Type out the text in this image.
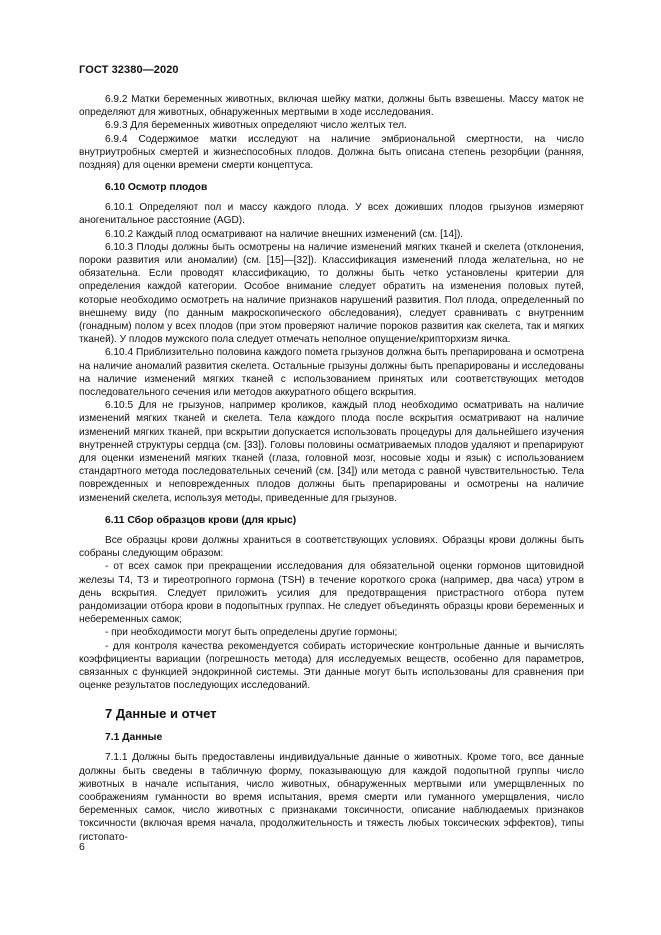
ГОСТ 32380—2020

6.9.2 Матки беременных животных, включая шейку матки, должны быть взвешены. Массу маток не определяют для животных, обнаруженных мертвыми в ходе исследования.

6.9.3 Для беременных животных определяют число желтых тел.

6.9.4 Содержимое матки исследуют на наличие эмбриональной смертности, на число внутриутробных смертей и жизнеспособных плодов. Должна быть описана степень резорбции (ранняя, поздняя) для оценки времени смерти концептуса.

6.10 Осмотр плодов

6.10.1 Определяют пол и массу каждого плода. У всех доживших плодов грызунов измеряют аногенитальное расстояние (AGD).

6.10.2 Каждый плод осматривают на наличие внешних изменений (см. [14]).

6.10.3 Плоды должны быть осмотрены на наличие изменений мягких тканей и скелета (отклонения, пороки развития или аномалии) (см. [15]—[32]). Классификация изменений плода желательна, но не обязательна. Если проводят классификацию, то должны быть четко установлены критерии для определения каждой категории. Особое внимание следует обратить на изменения половых путей, которые необходимо осмотреть на наличие признаков нарушений развития. Пол плода, определенный по внешнему виду (по данным макроскопического обследования), следует сравнивать с внутренним (гонадным) полом у всех плодов (при этом проверяют наличие пороков развития как скелета, так и мягких тканей). У плодов мужского пола следует отмечать неполное опущение/крипторхизм яичка.

6.10.4 Приблизительно половина каждого помета грызунов должна быть препарирована и осмотрена на наличие аномалий развития скелета. Остальные грызуны должны быть препарированы и исследованы на наличие изменений мягких тканей с использованием принятых или соответствующих методов последовательного сечения или методов аккуратного общего вскрытия.

6.10.5 Для не грызунов, например кроликов, каждый плод необходимо осматривать на наличие изменений мягких тканей и скелета. Тела каждого плода после вскрытия осматривают на наличие изменений мягких тканей, при вскрытии допускается использовать процедуры для дальнейшего изучения внутренней структуры сердца (см. [33]). Головы половины осматриваемых плодов удаляют и препарируют для оценки изменений мягких тканей (глаза, головной мозг, носовые ходы и язык) с использованием стандартного метода последовательных сечений (см. [34]) или метода с равной чувствительностью. Тела поврежденных и неповрежденных плодов должны быть препарированы и осмотрены на наличие изменений скелета, используя методы, приведенные для грызунов.

6.11 Сбор образцов крови (для крыс)

Все образцы крови должны храниться в соответствующих условиях. Образцы крови должны быть собраны следующим образом:

- от всех самок при прекращении исследования для обязательной оценки гормонов щитовидной железы Т4, Т3 и тиреотропного гормона (TSH) в течение короткого срока (например, два часа) утром в день вскрытия. Следует приложить усилия для предотвращения пристрастного отбора путем рандомизации отбора крови в подопытных группах. Не следует объединять образцы крови беременных и небеременных самок;

- при необходимости могут быть определены другие гормоны;

- для контроля качества рекомендуется собирать исторические контрольные данные и вычислять коэффициенты вариации (погрешность метода) для исследуемых веществ, особенно для параметров, связанных с функцией эндокринной системы. Эти данные могут быть использованы для сравнения при оценке результатов последующих исследований.

7 Данные и отчет
7.1 Данные

7.1.1 Должны быть предоставлены индивидуальные данные о животных. Кроме того, все данные должны быть сведены в табличную форму, показывающую для каждой подопытной группы число животных в начале испытания, число животных, обнаруженных мертвыми или умерщвленных по соображениям гуманности во время испытания, время смерти или гуманного умерщвления, число беременных самок, число животных с признаками токсичности, описание наблюдаемых признаков токсичности (включая время начала, продолжительность и тяжесть любых токсических эффектов), типы гистопато-

6
